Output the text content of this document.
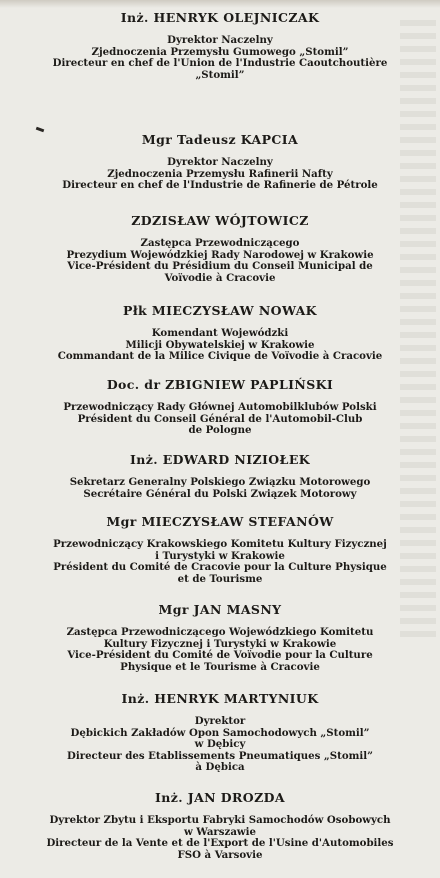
Inż. HENRYK OLEJNICZAK
Dyrektor Naczelny
Zjednoczenia Przemysłu Gumowego „Stomil”
Directeur en chef de l'Union de l'Industrie Caoutchoutière
„Stomil”
Mgr Tadeusz KAPCIA
Dyrektor Naczelny
Zjednoczenia Przemysłu Rafinerii Nafty
Directeur en chef de l'Industrie de Rafinerie de Pétrole
ZDZISŁAW WÓJTOWICZ
Zastępca Przewodniczącego
Prezydium Wojewódzkiej Rady Narodowej w Krakowie
Vice-Président du Présidium du Conseil Municipal de
Voïvodie à Cracovie
Płk MIECZYSŁAW NOWAK
Komendant Wojewódzki
Milicji Obywatelskiej w Krakowie
Commandant de la Milice Civique de Voïvodie à Cracovie
Doc. dr ZBIGNIEW PAPLIŃSKI
Przewodniczący Rady Głównej Automobilklubów Polski
Président du Conseil Général de l'Automobil-Club
de Pologne
Inż. EDWARD NIZIOŁEK
Sekretarz Generalny Polskiego Związku Motorowego
Secrétaire Général du Polski Związek Motorowy
Mgr MIECZYSŁAW STEFANÓW
Przewodniczący Krakowskiego Komitetu Kultury Fizycznej
i Turystyki w Krakowie
Président du Comité de Cracovie pour la Culture Physique
et de Tourisme
Mgr JAN MASNY
Zastępca Przewodniczącego Wojewódzkiego Komitetu
Kultury Fizycznej i Turystyki w Krakowie
Vice-Président du Comité de Voïvodie pour la Culture
Physique et le Tourisme à Cracovie
Inż. HENRYK MARTYNIUK
Dyrektor
Dębickich Zakładów Opon Samochodowych „Stomil”
w Dębicy
Directeur des Etablissements Pneumatiques „Stomil”
à Dębica
Inż. JAN DROZDA
Dyrektor Zbytu i Eksportu Fabryki Samochodów Osobowych
w Warszawie
Directeur de la Vente et de l'Export de l'Usine d'Automobiles
FSO à Varsovie
